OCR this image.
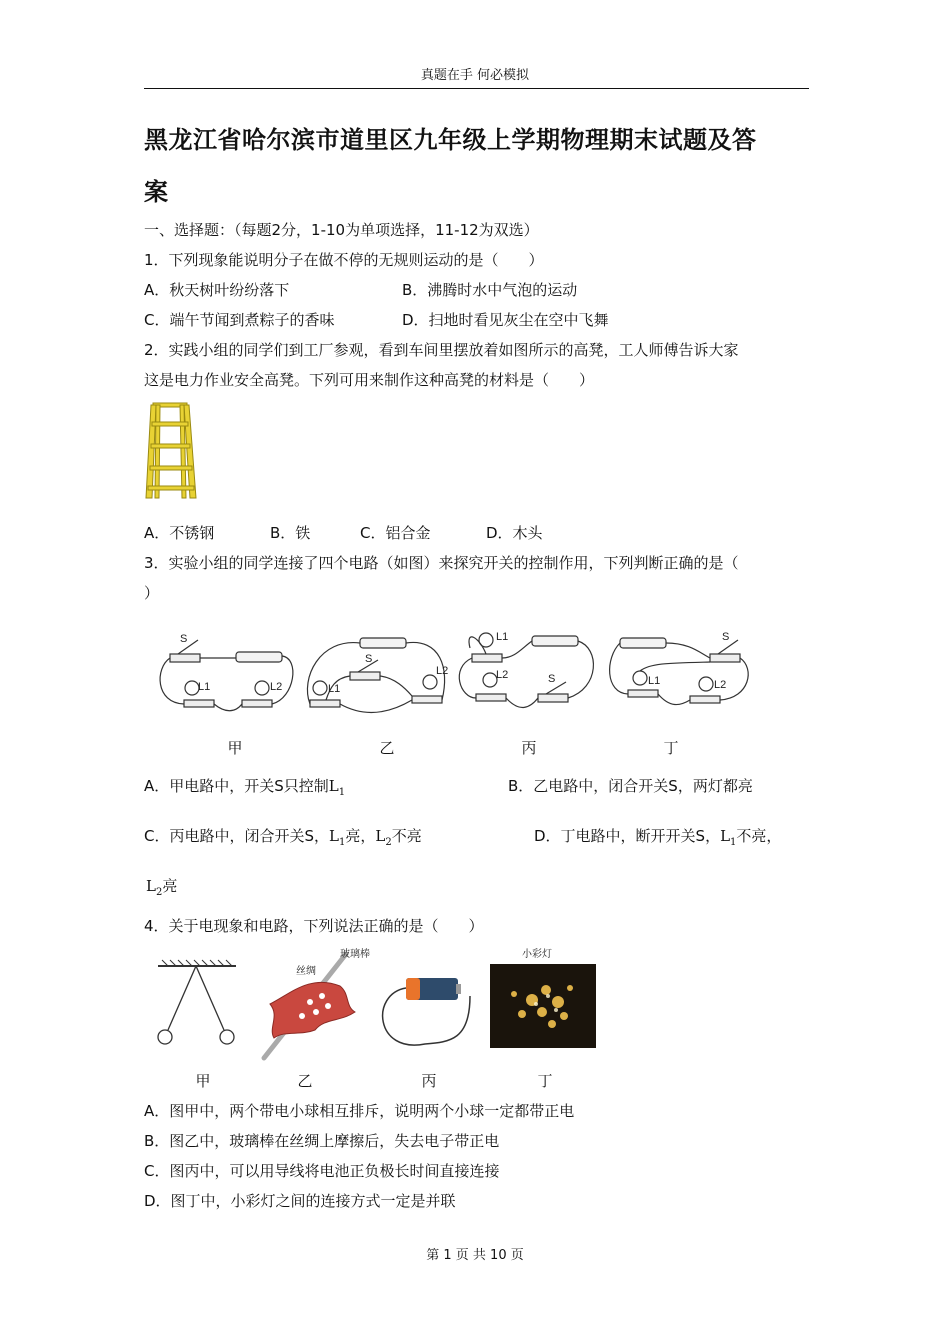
真题在手 何必模拟
黑龙江省哈尔滨市道里区九年级上学期物理期末试题及答
案
一、选择题：（每题2分，1-10为单项选择，11-12为双选）
1．下列现象能说明分子在做不停的无规则运动的是（　　）
A．秋天树叶纷纷落下	B．沸腾时水中气泡的运动
C．端午节闻到煮粽子的香味	D．扫地时看见灰尘在空中飞舞
2．实践小组的同学们到工厂参观，看到车间里摆放着如图所示的高凳，工人师傅告诉大家
这是电力作业安全高凳。下列可用来制作这种高凳的材料是（　　）
A．不锈钢	B．铁	C．铝合金	D．木头
3．实验小组的同学连接了四个电路（如图）来探究开关的控制作用，下列判断正确的是（
）
S
L1	L2
S
L1
L2
L1
L2	S
S
L1	L2
甲	乙	丙	丁
A．甲电路中，开关S只控制$L_1$	B．乙电路中，闭合开关S，两灯都亮
C．丙电路中，闭合开关S，$L_1$亮，$L_2$不亮	D．丁电路中，断开开关S，$L_1$不亮，
$L_2$亮
4．关于电现象和电路，下列说法正确的是（　　）
丝绸
玻璃棒	小彩灯
甲	乙	丙	丁
A．图甲中，两个带电小球相互排斥，说明两个小球一定都带正电
B．图乙中，玻璃棒在丝绸上摩擦后，失去电子带正电
C．图丙中，可以用导线将电池正负极长时间直接连接
D．图丁中，小彩灯之间的连接方式一定是并联
第 1 页 共 10 页
